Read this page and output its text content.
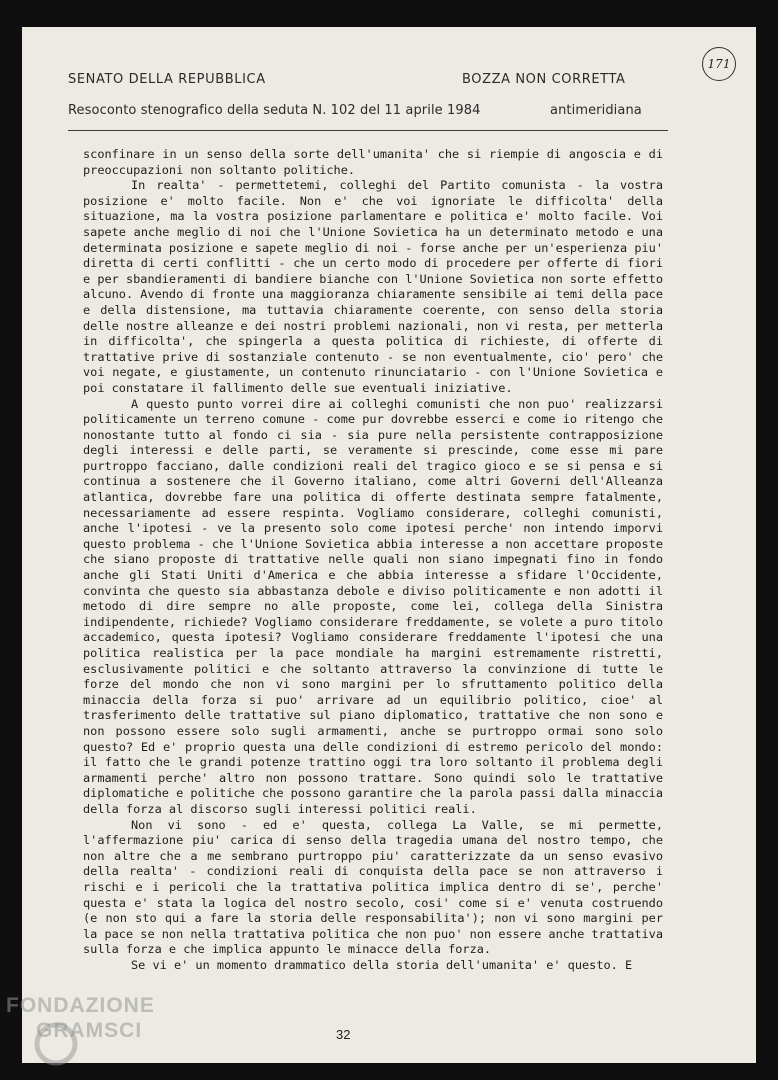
SENATO DELLA REPUBBLICA	BOZZA NON CORRETTA
Resoconto stenografico della seduta N. 102 del 11 aprile 1984	antimeridiana
171

sconfinare in un senso della sorte dell'umanita' che si riempie di angoscia e di preoccupazioni non soltanto politiche.

In realta' - permettetemi, colleghi del Partito comunista - la vostra posizione e' molto facile. Non e' che voi ignoriate le difficolta' della situazione, ma la vostra posizione parlamentare e politica e' molto facile. Voi sapete anche meglio di noi che l'Unione Sovietica ha un determinato metodo e una determinata posizione e sapete meglio di noi - forse anche per un'esperienza piu' diretta di certi conflitti - che un certo modo di procedere per offerte di fiori e per sbandieramenti di bandiere bianche con l'Unione Sovietica non sorte effetto alcuno. Avendo di fronte una maggioranza chiaramente sensibile ai temi della pace e della distensione, ma tuttavia chiaramente coerente, con senso della storia delle nostre alleanze e dei nostri problemi nazionali, non vi resta, per metterla in difficolta', che spingerla a questa politica di richieste, di offerte di trattative prive di sostanziale contenuto - se non eventualmente, cio' pero' che voi negate, e giustamente, un contenuto rinunciatario - con l'Unione Sovietica e poi constatare il fallimento delle sue eventuali iniziative.

A questo punto vorrei dire ai colleghi comunisti che non puo' realizzarsi politicamente un terreno comune - come pur dovrebbe esserci e come io ritengo che nonostante tutto al fondo ci sia - sia pure nella persistente contrapposizione degli interessi e delle parti, se veramente si prescinde, come esse mi pare purtroppo facciano, dalle condizioni reali del tragico gioco e se si pensa e si continua a sostenere che il Governo italiano, come altri Governi dell'Alleanza atlantica, dovrebbe fare una politica di offerte destinata sempre fatalmente, necessariamente ad essere respinta. Vogliamo considerare, colleghi comunisti, anche l'ipotesi - ve la presento solo come ipotesi perche' non intendo imporvi questo problema - che l'Unione Sovietica abbia interesse a non accettare proposte che siano proposte di trattative nelle quali non siano impegnati fino in fondo anche gli Stati Uniti d'America e che abbia interesse a sfidare l'Occidente, convinta che questo sia abbastanza debole e diviso politicamente e non adotti il metodo di dire sempre no alle proposte, come lei, collega della Sinistra indipendente, richiede? Vogliamo considerare freddamente, se volete a puro titolo accademico, questa ipotesi? Vogliamo considerare freddamente l'ipotesi che una politica realistica per la pace mondiale ha margini estremamente ristretti, esclusivamente politici e che soltanto attraverso la convinzione di tutte le forze del mondo che non vi sono margini per lo sfruttamento politico della minaccia della forza si puo' arrivare ad un equilibrio politico, cioe' al trasferimento delle trattative sul piano diplomatico, trattative che non sono e non possono essere solo sugli armamenti, anche se purtroppo ormai sono solo questo? Ed e' proprio questa una delle condizioni di estremo pericolo del mondo: il fatto che le grandi potenze trattino oggi tra loro soltanto il problema degli armamenti perche' altro non possono trattare. Sono quindi solo le trattative diplomatiche e politiche che possono garantire che la parola passi dalla minaccia della forza al discorso sugli interessi politici reali.

Non vi sono - ed e' questa, collega La Valle, se mi permette, l'affermazione piu' carica di senso della tragedia umana del nostro tempo, che non altre che a me sembrano purtroppo piu' caratterizzate da un senso evasivo della realta' - condizioni reali di conquista della pace se non attraverso i rischi e i pericoli che la trattativa politica implica dentro di se', perche' questa e' stata la logica del nostro secolo, cosi' come si e' venuta costruendo (e non sto qui a fare la storia delle responsabilita'); non vi sono margini per la pace se non nella trattativa politica che non puo' non essere anche trattativa sulla forza e che implica appunto le minacce della forza.

Se vi e' un momento drammatico della storia dell'umanita' e' questo. E

32
FONDAZIONE
GRAMSCI
